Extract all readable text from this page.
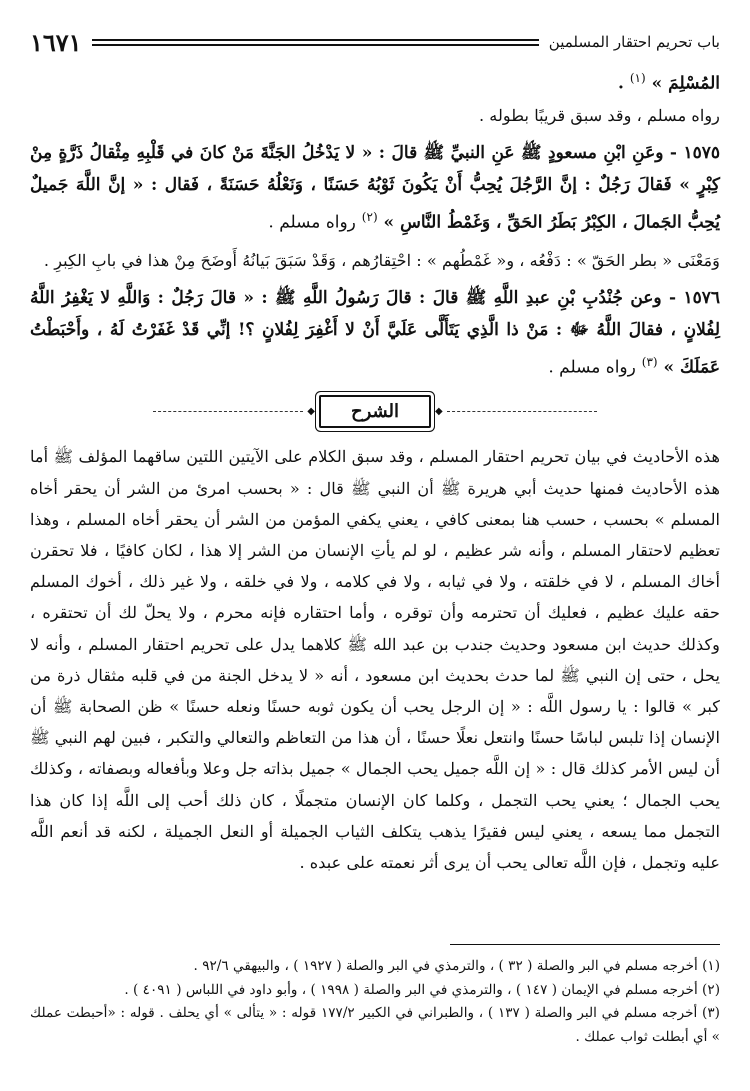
باب تحريم احتقار المسلمين
١٦٧١

المُسْلِمَ » $^{(١)}$ .

رواه مسلم ، وقد سبق قريبًا بطوله .

١٥٧٥ - وعَنِ ابْنِ مسعودٍ ﷺ عَنِ النبيِّ ﷺ قالَ : « لا يَدْخُلُ الجَنَّةَ مَنْ كانَ في قَلْبِهِ مِثْقالُ ذَرَّةٍ مِنْ كِبْرٍ » فَقالَ رَجُلٌ : إنَّ الرَّجُلَ يُحِبُّ أَنْ يَكُونَ ثَوْبُهُ حَسَنًا ، وَنَعْلُهُ حَسَنَةً ، فَقال : « إنَّ اللَّهَ جَميلٌ يُحِبُّ الجَمالَ ، الكِبْرُ بَطَرُ الحَقِّ ، وَغَمْطُ النَّاسِ » $^{(٢)}$ رواه مسلم .

وَمَعْنَى « بطر الحَقّ » : دَفْعُه ، و« غَمْطُهم » : احْتِقارُهم ، وَقَدْ سَبَقَ بَيانُهُ أَوضَحَ مِنْ هذا في بابِ الكِبرِ .

١٥٧٦ - وعن جُنْدُبِ بْنِ عبدِ اللَّهِ ﷺ قالَ : قالَ رَسُولُ اللَّهِ ﷺ : « قالَ رَجُلٌ : وَاللَّهِ لا يَغْفِرُ اللَّهُ لِفُلانٍ ، فقالَ اللَّهُ ﷻ : مَنْ ذا الَّذِي يَتَأَلَّى عَلَيَّ أَنْ لا أَغْفِرَ لِفُلانٍ ؟! إنِّي قَدْ غَفَرْتُ لَهُ ، وأَحْبَطْتُ عَمَلَكَ » $^{(٣)}$ رواه مسلم .

◆
الشرح
◆

هذه الأحاديث في بيان تحريم احتقار المسلم ، وقد سبق الكلام على الآيتين اللتين ساقهما المؤلف ﷺ أما هذه الأحاديث فمنها حديث أبي هريرة ﷺ أن النبي ﷺ قال : « بحسب امرئ من الشر أن يحقر أخاه المسلم » بحسب ، حسب هنا بمعنى كافي ، يعني يكفي المؤمن من الشر أن يحقر أخاه المسلم ، وهذا تعظيم لاحتقار المسلم ، وأنه شر عظيم ، لو لم يأتِ الإنسان من الشر إلا هذا ، لكان كافيًا ، فلا تحقرن أخاك المسلم ، لا في خلقته ، ولا في ثيابه ، ولا في كلامه ، ولا في خلقه ، ولا غير ذلك ، أخوك المسلم حقه عليك عظيم ، فعليك أن تحترمه وأن توقره ، وأما احتقاره فإنه محرم ، ولا يحلّ لك أن تحتقره ، وكذلك حديث ابن مسعود وحديث جندب بن عبد الله ﷺ كلاهما يدل على تحريم احتقار المسلم ، وأنه لا يحل ، حتى إن النبي ﷺ لما حدث بحديث ابن مسعود ، أنه « لا يدخل الجنة من في قلبه مثقال ذرة من كبر » قالوا : يا رسول اللَّه : « إن الرجل يحب أن يكون ثوبه حسنًا ونعله حسنًا » ظن الصحابة ﷺ أن الإنسان إذا تلبس لباسًا حسنًا وانتعل نعلًا حسنًا ، أن هذا من التعاظم والتعالي والتكبر ، فبين لهم النبي ﷺ أن ليس الأمر كذلك قال : « إن اللَّه جميل يحب الجمال » جميل بذاته جل وعلا وبأفعاله وبصفاته ، وكذلك يحب الجمال ؛ يعني يحب التجمل ، وكلما كان الإنسان متجملًا ، كان ذلك أحب إلى اللَّه إذا كان هذا التجمل مما يسعه ، يعني ليس فقيرًا يذهب يتكلف الثياب الجميلة أو النعل الجميلة ، لكنه قد أنعم اللَّه عليه وتجمل ، فإن اللَّه تعالى يحب أن يرى أثر نعمته على عبده .

(١) أخرجه مسلم في البر والصلة ( ٣٢ ) ، والترمذي في البر والصلة ( ١٩٢٧ ) ، والبيهقي ٩٢/٦ .

(٢) أخرجه مسلم في الإيمان ( ١٤٧ ) ، والترمذي في البر والصلة ( ١٩٩٨ ) ، وأبو داود في اللباس ( ٤٠٩١ ) .

(٣) أخرجه مسلم في البر والصلة ( ١٣٧ ) ، والطبراني في الكبير ١٧٧/٢ قوله : « يتألى » أي يحلف . قوله : «أحبطت عملك » أي أبطلت ثواب عملك .
